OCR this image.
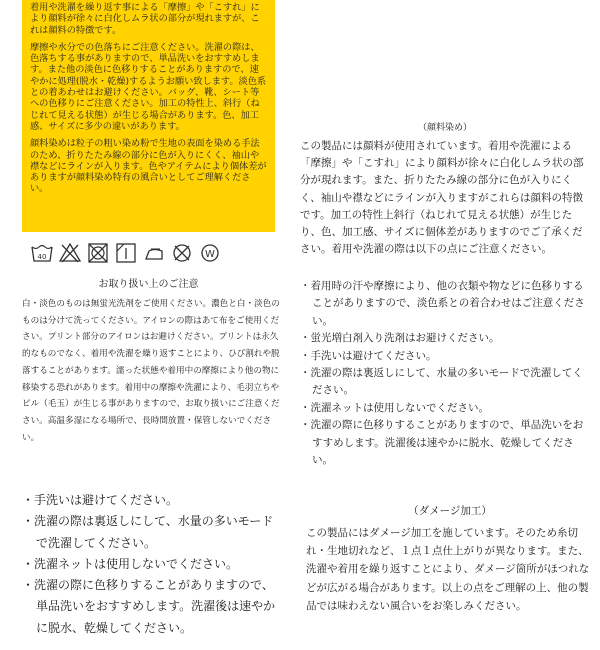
着用や洗濯を繰り返す事による「摩擦」や「こすれ」により顔料が徐々に白化しムラ状の部分が現れますが、これは顔料の特徴です。

摩擦や水分での色落ちにご注意ください。洗濯の際は、色落ちする事がありますので、単品洗いをおすすめします。また他の淡色に色移りすることがありますので、速やかに処理(脱水・乾燥)するようお願い致します。淡色系との着あわせはお避けください。バッグ、靴、シート等への色移りにご注意ください。加工の特性上、斜行（ねじれて見える状態）が生じる場合があります。色、加工感、サイズに多少の違いがあります。

顔料染めは粒子の粗い染め粉で生地の表面を染める手法のため、折りたたみ線の部分に色が入りにくく、袖山や襟などにラインが入ります。色やアイテムにより個体差がありますが顔料染め特有の風合いとしてご理解ください。

40	W
お取り扱い上のご注意
白・淡色のものは無蛍光洗剤をご使用ください。濃色と白・淡色のものは分けて洗ってください。アイロンの際はあて布をご使用ください。プリント部分のアイロンはお避けください。プリントは永久的なものでなく、着用や洗濯を繰り返すことにより、ひび割れや脱落することがあります。濡った状態や着用中の摩擦により他の物に移染する恐れがあります。着用中の摩擦や洗濯により、毛羽立ちやピル（毛玉）が生じる事がありますので、お取り扱いにご注意ください。高温多湿になる場所で、長時間放置・保管しないでください。
・手洗いは避けてください。
・洗濯の際は裏返しにして、水量の多いモードで洗濯してください。
・洗濯ネットは使用しないでください。
・洗濯の際に色移りすることがありますので、単品洗いをおすすめします。洗濯後は速やかに脱水、乾燥してください。
（顔料染め）
この製品には顔料が使用されています。着用や洗濯による「摩擦」や「こすれ」により顔料が徐々に白化しムラ状の部分が現れます。また、折りたたみ線の部分に色が入りにくく、袖山や襟などにラインが入りますがこれらは顔料の特徴です。加工の特性上斜行（ねじれて見える状態）が生じたり、色、加工感、サイズに個体差がありますのでご了承ください。着用や洗濯の際は以下の点にご注意ください。
・着用時の汗や摩擦により、他の衣類や物などに色移りすることがありますので、淡色系との着合わせはご注意ください。
・蛍光増白剤入り洗剤はお避けください。
・手洗いは避けてください。
・洗濯の際は裏返しにして、水量の多いモードで洗濯してください。
・洗濯ネットは使用しないでください。
・洗濯の際に色移りすることがありますので、単品洗いをおすすめします。洗濯後は速やかに脱水、乾燥してください。
（ダメージ加工）
この製品にはダメージ加工を施しています。そのため糸切れ・生地切れなど、１点１点仕上がりが異なります。また、洗濯や着用を繰り返すことにより、ダメージ箇所がほつれなどが広がる場合があります。以上の点をご理解の上、他の製品では味わえない風合いをお楽しみください。
